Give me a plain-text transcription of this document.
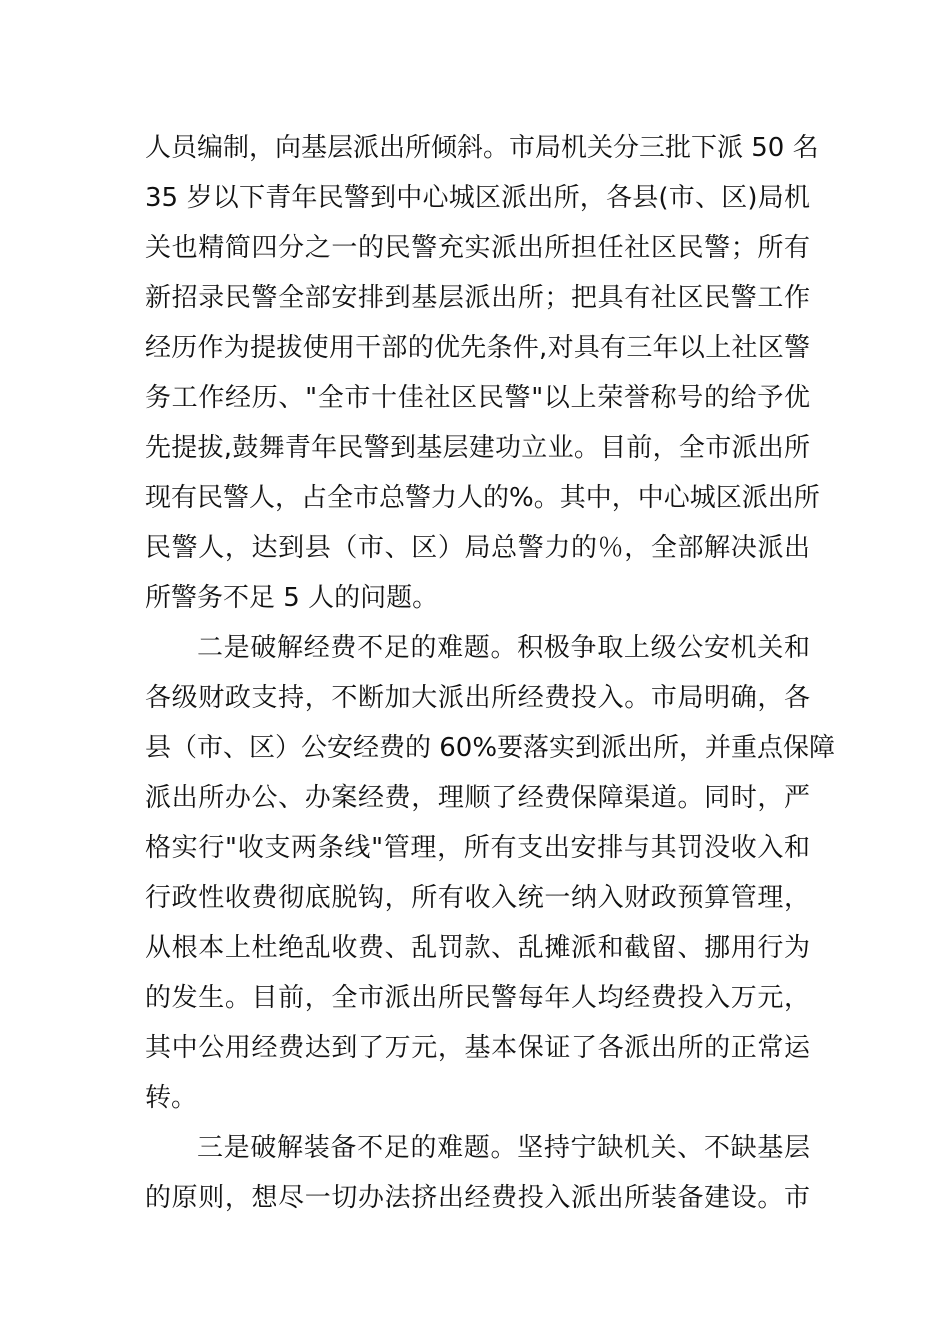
人员编制，向基层派出所倾斜。市局机关分三批下派 50 名
35 岁以下青年民警到中心城区派出所，各县(市、区)局机
关也精简四分之一的民警充实派出所担任社区民警；所有
新招录民警全部安排到基层派出所；把具有社区民警工作
经历作为提拔使用干部的优先条件,对具有三年以上社区警
务工作经历、"全市十佳社区民警"以上荣誉称号的给予优
先提拔,鼓舞青年民警到基层建功立业。目前，全市派出所
现有民警人，占全市总警力人的%。其中，中心城区派出所
民警人，达到县（市、区）局总警力的％，全部解决派出
所警务不足 5 人的问题。
二是破解经费不足的难题。积极争取上级公安机关和
各级财政支持，不断加大派出所经费投入。市局明确，各
县（市、区）公安经费的 60%要落实到派出所，并重点保障
派出所办公、办案经费，理顺了经费保障渠道。同时，严
格实行"收支两条线"管理，所有支出安排与其罚没收入和
行政性收费彻底脱钩，所有收入统一纳入财政预算管理，
从根本上杜绝乱收费、乱罚款、乱摊派和截留、挪用行为
的发生。目前，全市派出所民警每年人均经费投入万元，
其中公用经费达到了万元，基本保证了各派出所的正常运
转。
三是破解装备不足的难题。坚持宁缺机关、不缺基层
的原则，想尽一切办法挤出经费投入派出所装备建设。市
